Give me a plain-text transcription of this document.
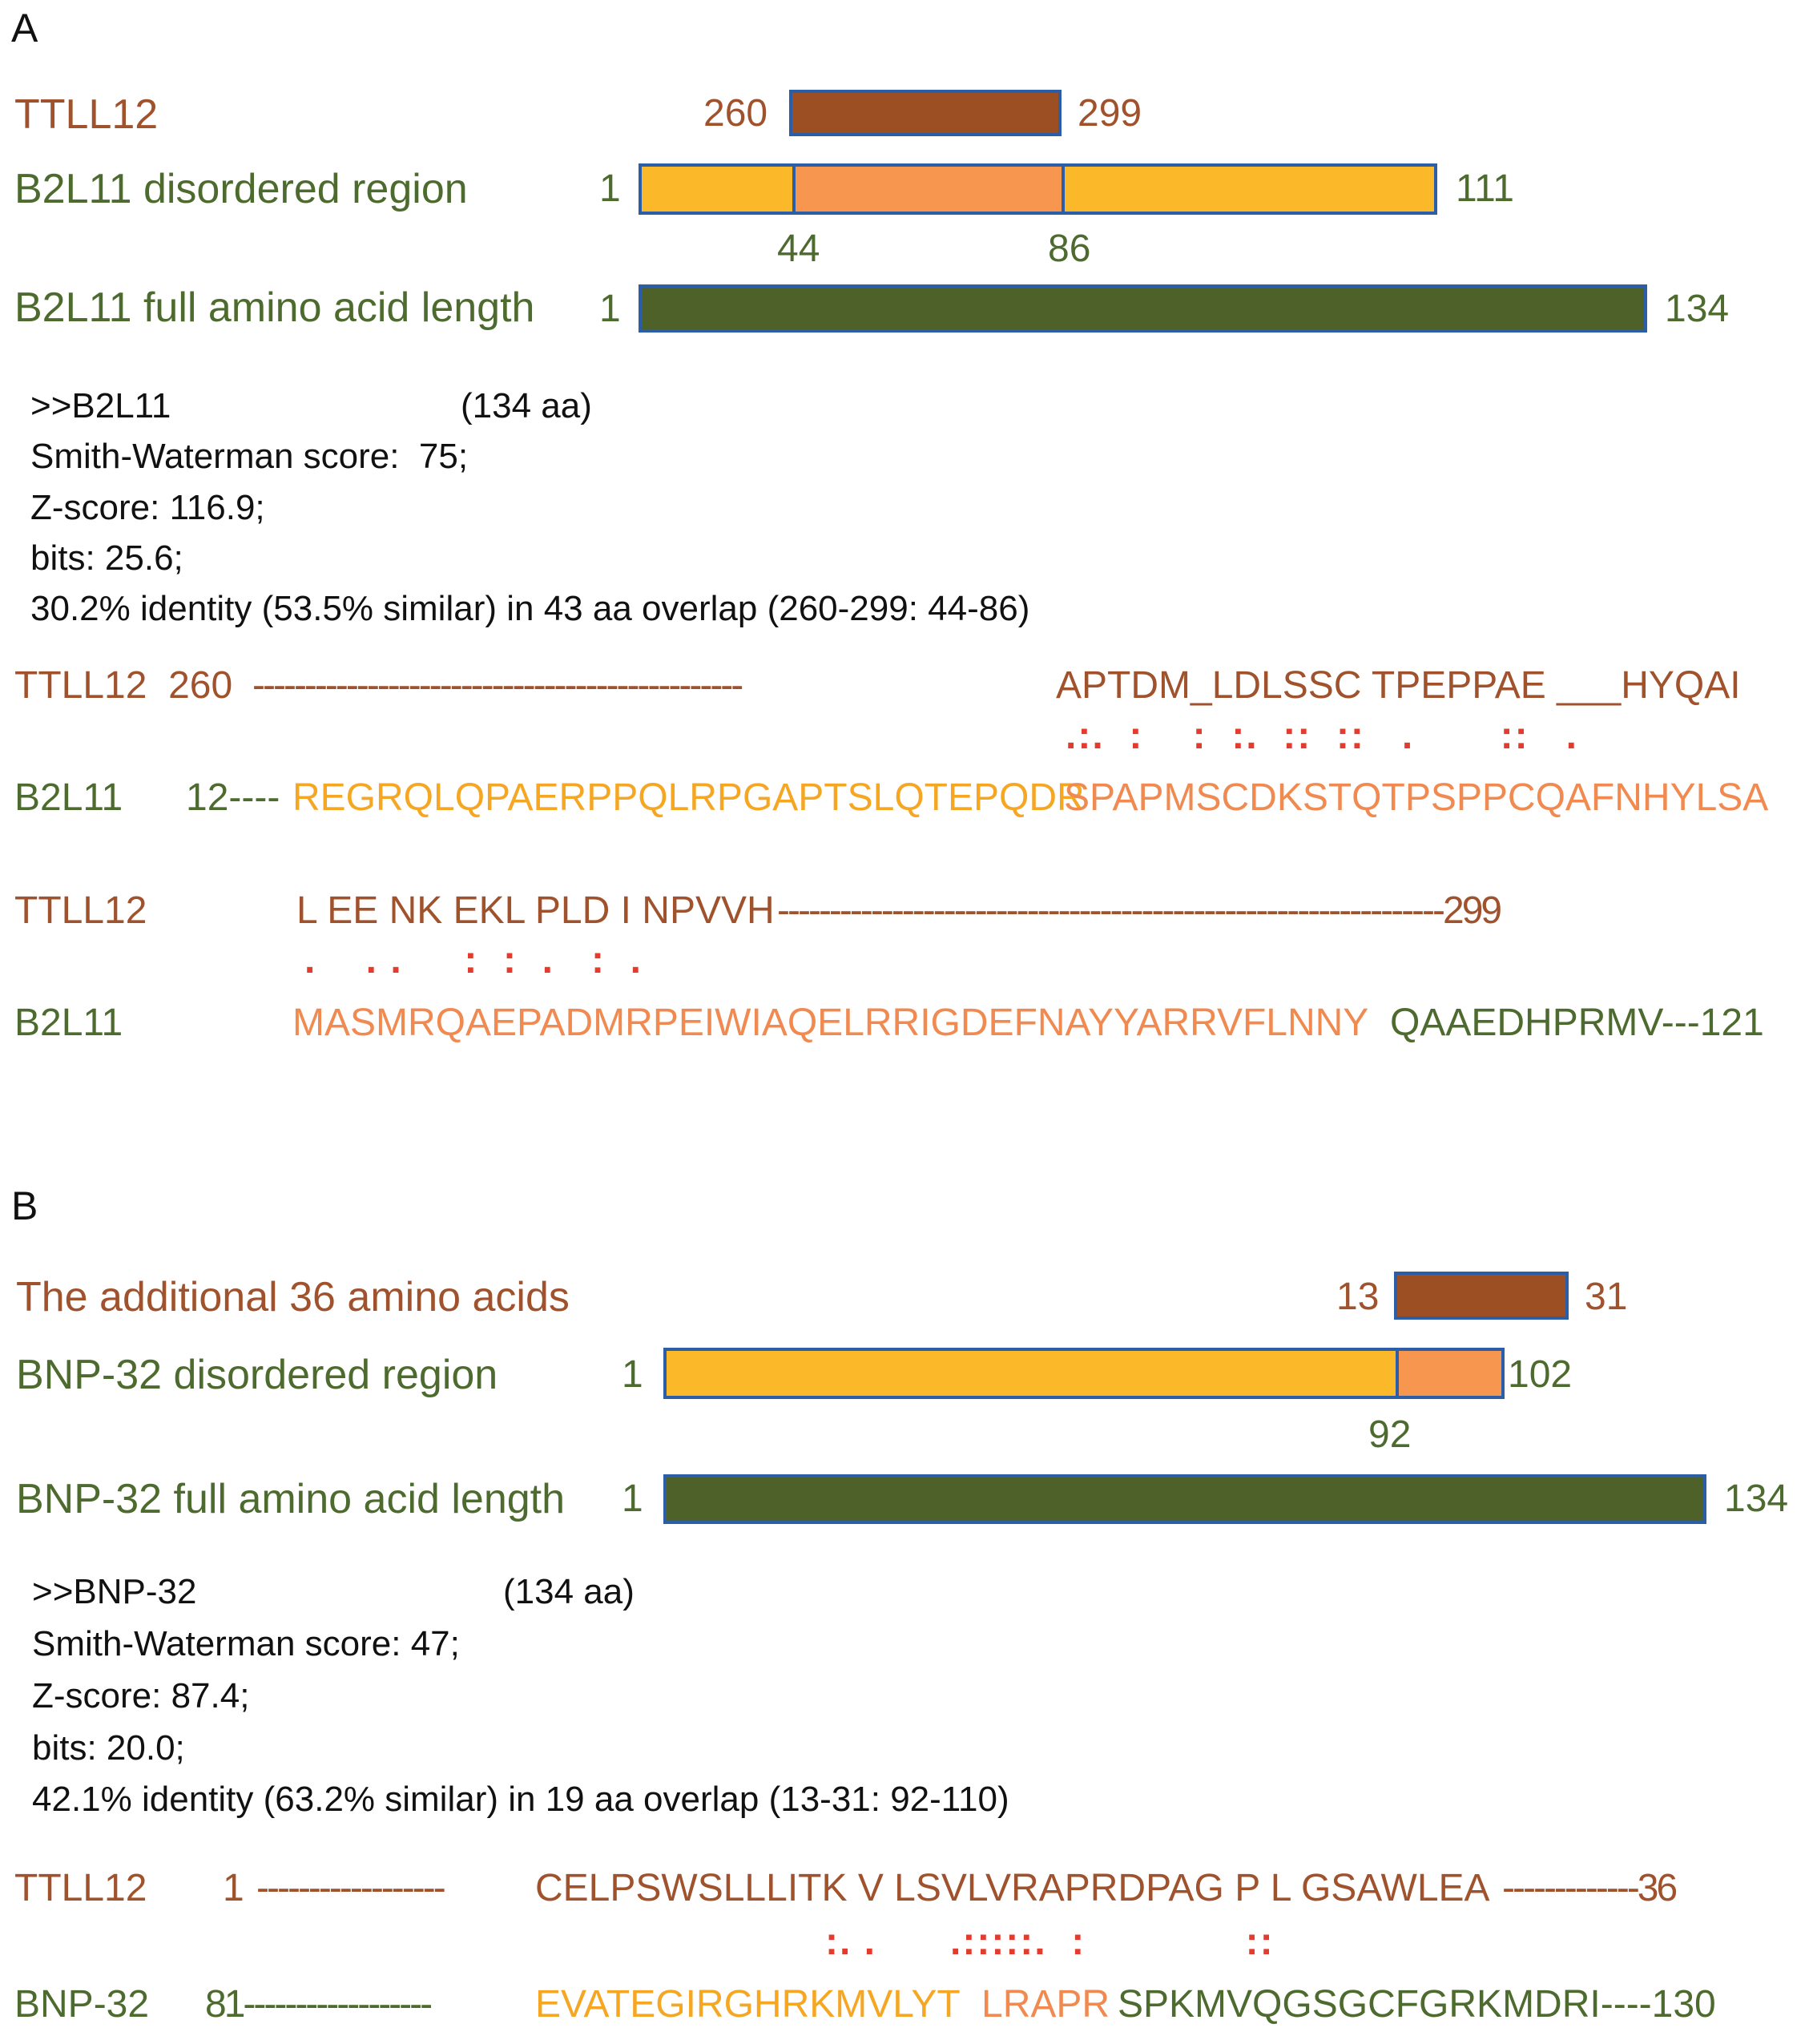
A
TTLL12	260	299
B2L11 disordered region	1	111
44	86
B2L11 full amino acid length 1	134
>>B2L11	(134 aa)
Smith-Waterman score:  75;
Z-score: 116.9;
bits: 25.6;
30.2% identity (53.5% similar) in 43 aa overlap (260-299: 44-86)
TTLL12  260 -----------------------------------------------	APTDM_LDLSSC TPEPPAE ___HYQAI
.:.  :    :  :.  ::  ::   .       ::   .
B2L11 12---- REGRQLQPAERPPQLRPGAPTSLQTEPQDR
SPAPMSCDKSTQTPSPPCQAFNHYLSA
TTLL12	L EE NK EKL PLD I NPVVH ----------------------------------------------------------------299
.    . .     :  :  .   :  .
B2L11	MASMRQAEPADMRPEIWIAQELRRIGDEFNAYYARRVFLNNY QAAEDHPRMV---121
B
The additional 36 amino acids	13	31
BNP-32 disordered region	1	102
92
BNP-32 full amino acid length 1	134
>>BNP-32	(134 aa)
Smith-Waterman score: 47;
Z-score: 87.4;
bits: 20.0;
42.1% identity (63.2% similar) in 19 aa overlap (13-31: 92-110)
TTLL12 1 ------------------ CELPSWSLLLITK V LSVLVRAPRDPAG P L GSAWLEA -------------36
:. .      .:::::.  :             ::
BNP-32 81------------------	EVATEGIRGHRKMVLYT LRAPR
SPKMVQGSGCFGRKMDRI----130
